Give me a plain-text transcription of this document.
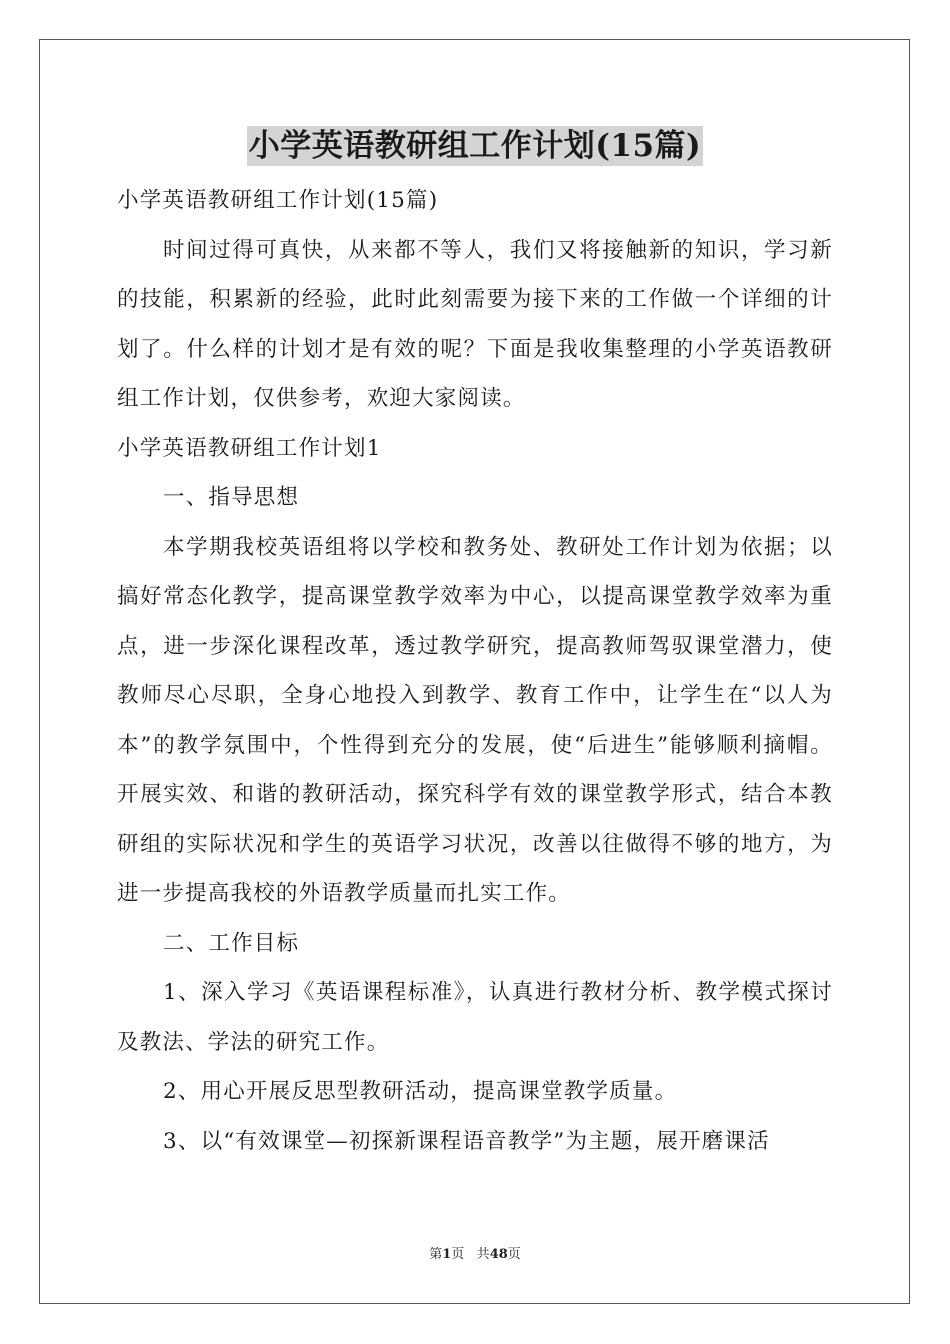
小学英语教研组工作计划(15篇)

小学英语教研组工作计划(15篇)

时间过得可真快，从来都不等人，我们又将接触新的知识，学习新的技能，积累新的经验，此时此刻需要为接下来的工作做一个详细的计划了。什么样的计划才是有效的呢？下面是我收集整理的小学英语教研组工作计划，仅供参考，欢迎大家阅读。

小学英语教研组工作计划1

一、指导思想

本学期我校英语组将以学校和教务处、教研处工作计划为依据；以搞好常态化教学，提高课堂教学效率为中心，以提高课堂教学效率为重点，进一步深化课程改革，透过教学研究，提高教师驾驭课堂潜力，使教师尽心尽职，全身心地投入到教学、教育工作中，让学生在“以人为本”的教学氛围中，个性得到充分的发展，使“后进生”能够顺利摘帽。开展实效、和谐的教研活动，探究科学有效的课堂教学形式，结合本教研组的实际状况和学生的英语学习状况，改善以往做得不够的地方，为进一步提高我校的外语教学质量而扎实工作。

二、工作目标

1、深入学习《英语课程标准》，认真进行教材分析、教学模式探讨及教法、学法的研究工作。

2、用心开展反思型教研活动，提高课堂教学质量。

3、以“有效课堂—初探新课程语音教学”为主题，展开磨课活

第1页 共48页
